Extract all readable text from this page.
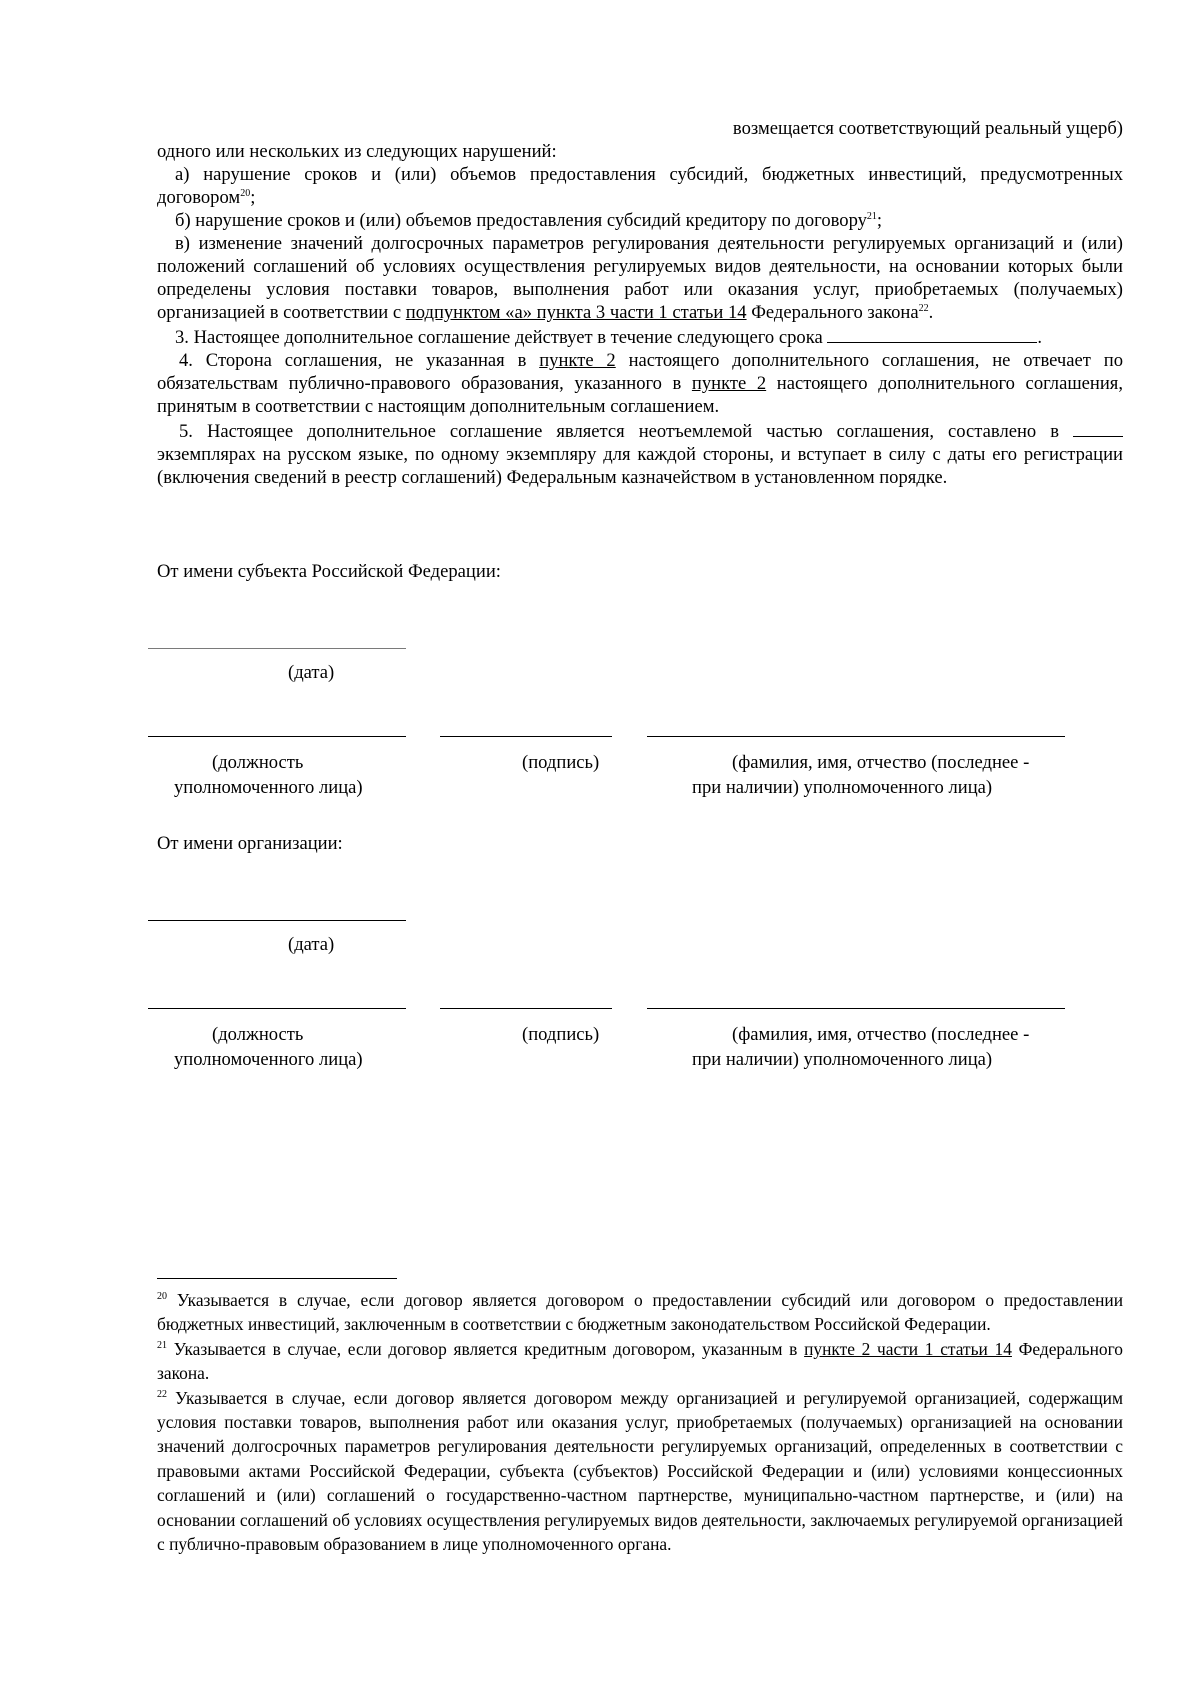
возмещается соответствующий реальный ущерб)

одного или нескольких из следующих нарушений:

а) нарушение сроков и (или) объемов предоставления субсидий, бюджетных инвестиций, предусмотренных договором$^{20}$;

б) нарушение сроков и (или) объемов предоставления субсидий кредитору по договору$^{21}$;

в) изменение значений долгосрочных параметров регулирования деятельности регулируемых организаций и (или) положений соглашений об условиях осуществления регулируемых видов деятельности, на основании которых были определены условия поставки товаров, выполнения работ или оказания услуг, приобретаемых (получаемых) организацией в соответствии с подпунктом «а» пункта 3 части 1 статьи 14 Федерального закона$^{22}$.

3. Настоящее дополнительное соглашение действует в течение следующего срока	.

4. Сторона соглашения, не указанная в пункте 2 настоящего дополнительного соглашения, не отвечает по обязательствам публично-правового образования, указанного в пункте 2 настоящего дополнительного соглашения, принятым в соответствии с настоящим дополнительным соглашением.

5. Настоящее дополнительное соглашение является неотъемлемой частью соглашения, составлено в  экземплярах на русском языке, по одному экземпляру для каждой стороны, и вступает в силу с даты его регистрации (включения сведений в реестр соглашений) Федеральным казначейством в установленном порядке.

От имени субъекта Российской Федерации:
(дата)
(должность
уполномоченного лица)
(подпись)	(фамилия, имя, отчество (последнее -
при наличии) уполномоченного лица)
От имени организации:
(дата)
(должность
уполномоченного лица)
(подпись)	(фамилия, имя, отчество (последнее -
при наличии) уполномоченного лица)

$^{20}$ Указывается в случае, если договор является договором о предоставлении субсидий или договором о предоставлении бюджетных инвестиций, заключенным в соответствии с бюджетным законодательством Российской Федерации.

$^{21}$ Указывается в случае, если договор является кредитным договором, указанным в пункте 2 части 1 статьи 14 Федерального закона.

$^{22}$ Указывается в случае, если договор является договором между организацией и регулируемой организацией, содержащим условия поставки товаров, выполнения работ или оказания услуг, приобретаемых (получаемых) организацией на основании значений долгосрочных параметров регулирования деятельности регулируемых организаций, определенных в соответствии с правовыми актами Российской Федерации, субъекта (субъектов) Российской Федерации и (или) условиями концессионных соглашений и (или) соглашений о государственно-частном партнерстве, муниципально-частном партнерстве, и (или) на основании соглашений об условиях осуществления регулируемых видов деятельности, заключаемых регулируемой организацией с публично-правовым образованием в лице уполномоченного органа.
